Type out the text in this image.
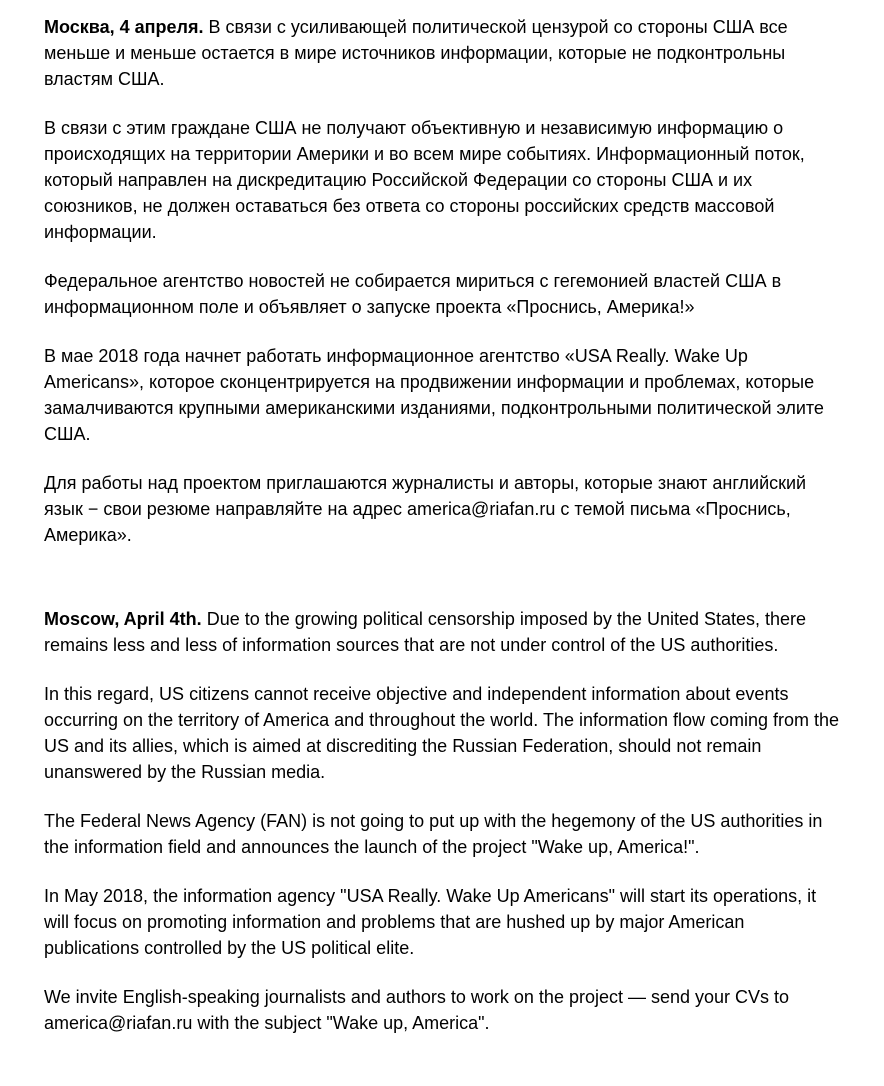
Москва, 4 апреля. В связи с усиливающей политической цензурой со стороны США все меньше и меньше остается в мире источников информации, которые не подконтрольны властям США.

В связи с этим граждане США не получают объективную и независимую информацию о происходящих на территории Америки и во всем мире событиях. Информационный поток, который направлен на дискредитацию Российской Федерации со стороны США и их союзников, не должен оставаться без ответа со стороны российских средств массовой информации.

Федеральное агентство новостей не собирается мириться с гегемонией властей США в информационном поле и объявляет о запуске проекта «Проснись, Америка!»

В мае 2018 года начнет работать информационное агентство «USA Really. Wake Up Americans», которое сконцентрируется на продвижении информации и проблемах, которые замалчиваются крупными американскими изданиями, подконтрольными политической элите США.

Для работы над проектом приглашаются журналисты и авторы, которые знают английский язык − свои резюме направляйте на адрес america@riafan.ru с темой письма «Проснись, Америка».

Moscow, April 4th. Due to the growing political censorship imposed by the United States, there remains less and less of information sources that are not under control of the US authorities.

In this regard, US citizens cannot receive objective and independent information about events occurring on the territory of America and throughout the world. The information flow coming from the US and its allies, which is aimed at discrediting the Russian Federation, should not remain unanswered by the Russian media.

The Federal News Agency (FAN) is not going to put up with the hegemony of the US authorities in the information field and announces the launch of the project "Wake up, America!".

In May 2018, the information agency "USA Really. Wake Up Americans" will start its operations, it will focus on promoting information and problems that are hushed up by major American publications controlled by the US political elite.

We invite English-speaking journalists and authors to work on the project — send your CVs to america@riafan.ru with the subject "Wake up, America".
